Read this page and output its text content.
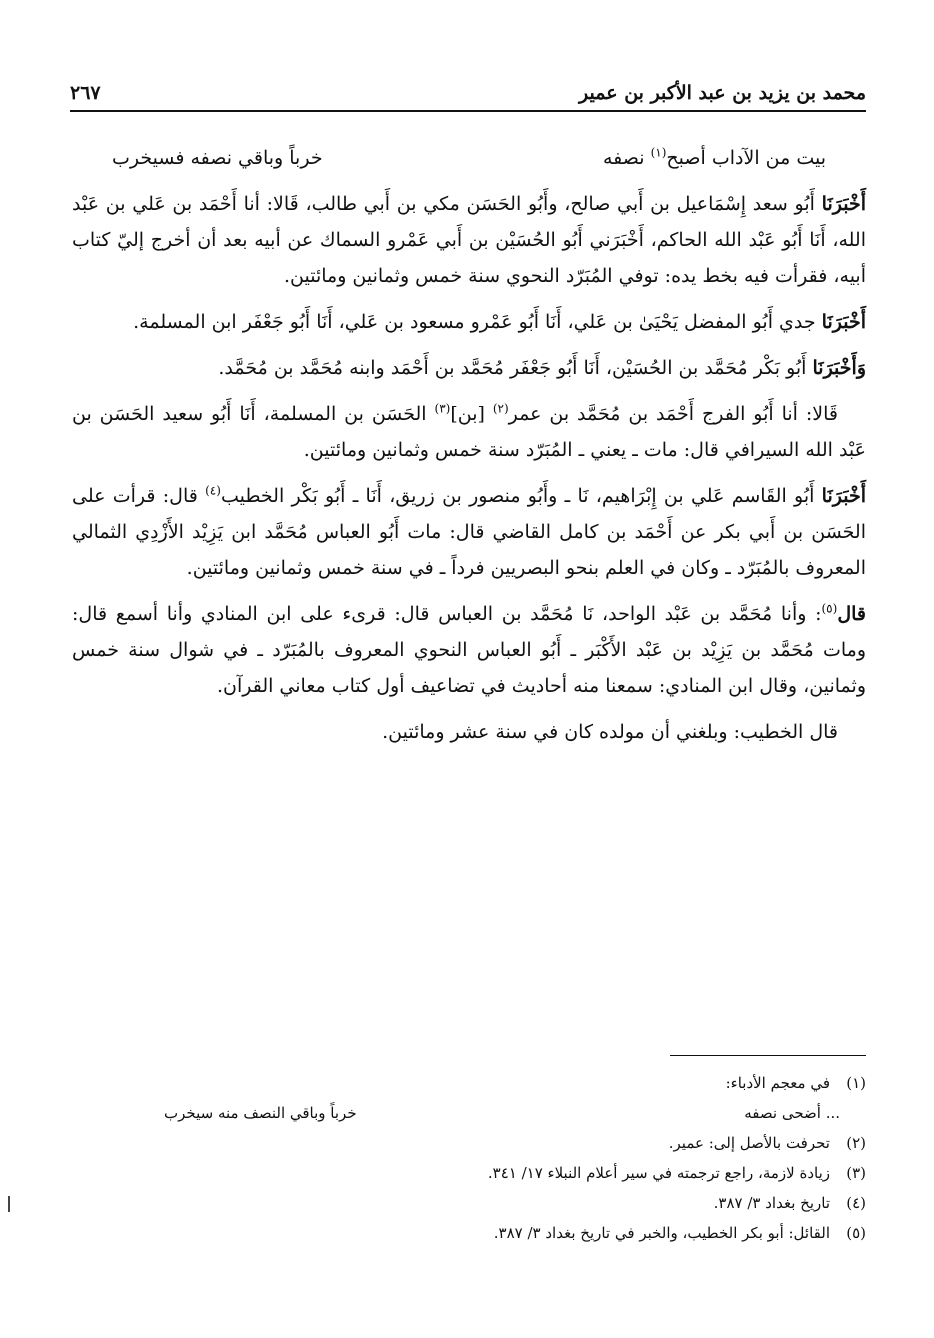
محمد بن يزيد بن عبد الأكبر بن عمير
٢٦٧
بيت من الآداب أصبح$^{(١)}$ نصفه
خرباً وباقي نصفه فسيخرب

أَخْبَرَنَا أَبُو سعد إِسْمَاعيل بن أَبي صالح، وأَبُو الحَسَن مكي بن أَبي طالب، قَالا: أنا أَحْمَد بن عَلي بن عَبْد الله، أَنَا أَبُو عَبْد الله الحاكم، أَخْبَرَني أَبُو الحُسَيْن بن أَبي عَمْرو السماك عن أبيه بعد أن أخرج إليّ كتاب أبيه، فقرأت فيه بخط يده: توفي المُبَرّد النحوي سنة خمس وثمانين ومائتين.

أَخْبَرَنَا جدي أَبُو المفضل يَحْيَىٰ بن عَلي، أَنَا أَبُو عَمْرو مسعود بن عَلي، أَنَا أَبُو جَعْفَر ابن المسلمة.

وَأَخْبَرَنَا أَبُو بَكْر مُحَمَّد بن الحُسَيْن، أَنَا أَبُو جَعْفَر مُحَمَّد بن أَحْمَد وابنه مُحَمَّد بن مُحَمَّد.

قَالا: أنا أَبُو الفرج أَحْمَد بن مُحَمَّد بن عمر$^{(٢)}$ [بن]$^{(٣)}$ الحَسَن بن المسلمة، أَنَا أَبُو سعيد الحَسَن بن عَبْد الله السيرافي قال: مات ـ يعني ـ المُبَرّد سنة خمس وثمانين ومائتين.

أَخْبَرَنَا أَبُو القَاسم عَلي بن إِبْرَاهيم، نَا ـ وأَبُو منصور بن زريق، أَنَا ـ أَبُو بَكْر الخطيب$^{(٤)}$ قال: قرأت على الحَسَن بن أَبي بكر عن أَحْمَد بن كامل القاضي قال: مات أَبُو العباس مُحَمَّد ابن يَزِيْد الأَزْدِي الثمالي المعروف بالمُبَرّد ـ وكان في العلم بنحو البصريين فرداً ـ في سنة خمس وثمانين ومائتين.

قال$^{(٥)}$: وأنا مُحَمَّد بن عَبْد الواحد، نَا مُحَمَّد بن العباس قال: قرىء على ابن المنادي وأنا أسمع قال: ومات مُحَمَّد بن يَزِيْد بن عَبْد الأَكْبَر ـ أَبُو العباس النحوي المعروف بالمُبَرّد ـ في شوال سنة خمس وثمانين، وقال ابن المنادي: سمعنا منه أحاديث في تضاعيف أول كتاب معاني القرآن.

قال الخطيب: وبلغني أن مولده كان في سنة عشر ومائتين.

(١)
في معجم الأدباء:
... أضحى نصفه
خرباً وباقي النصف منه سيخرب
(٢)
تحرفت بالأصل إلى: عمير.
(٣)
زيادة لازمة، راجع ترجمته في سير أعلام النبلاء ١٧/ ٣٤١.
(٤)
تاريخ بغداد ٣/ ٣٨٧.
(٥)
القائل: أبو بكر الخطيب، والخبر في تاريخ بغداد ٣/ ٣٨٧.
